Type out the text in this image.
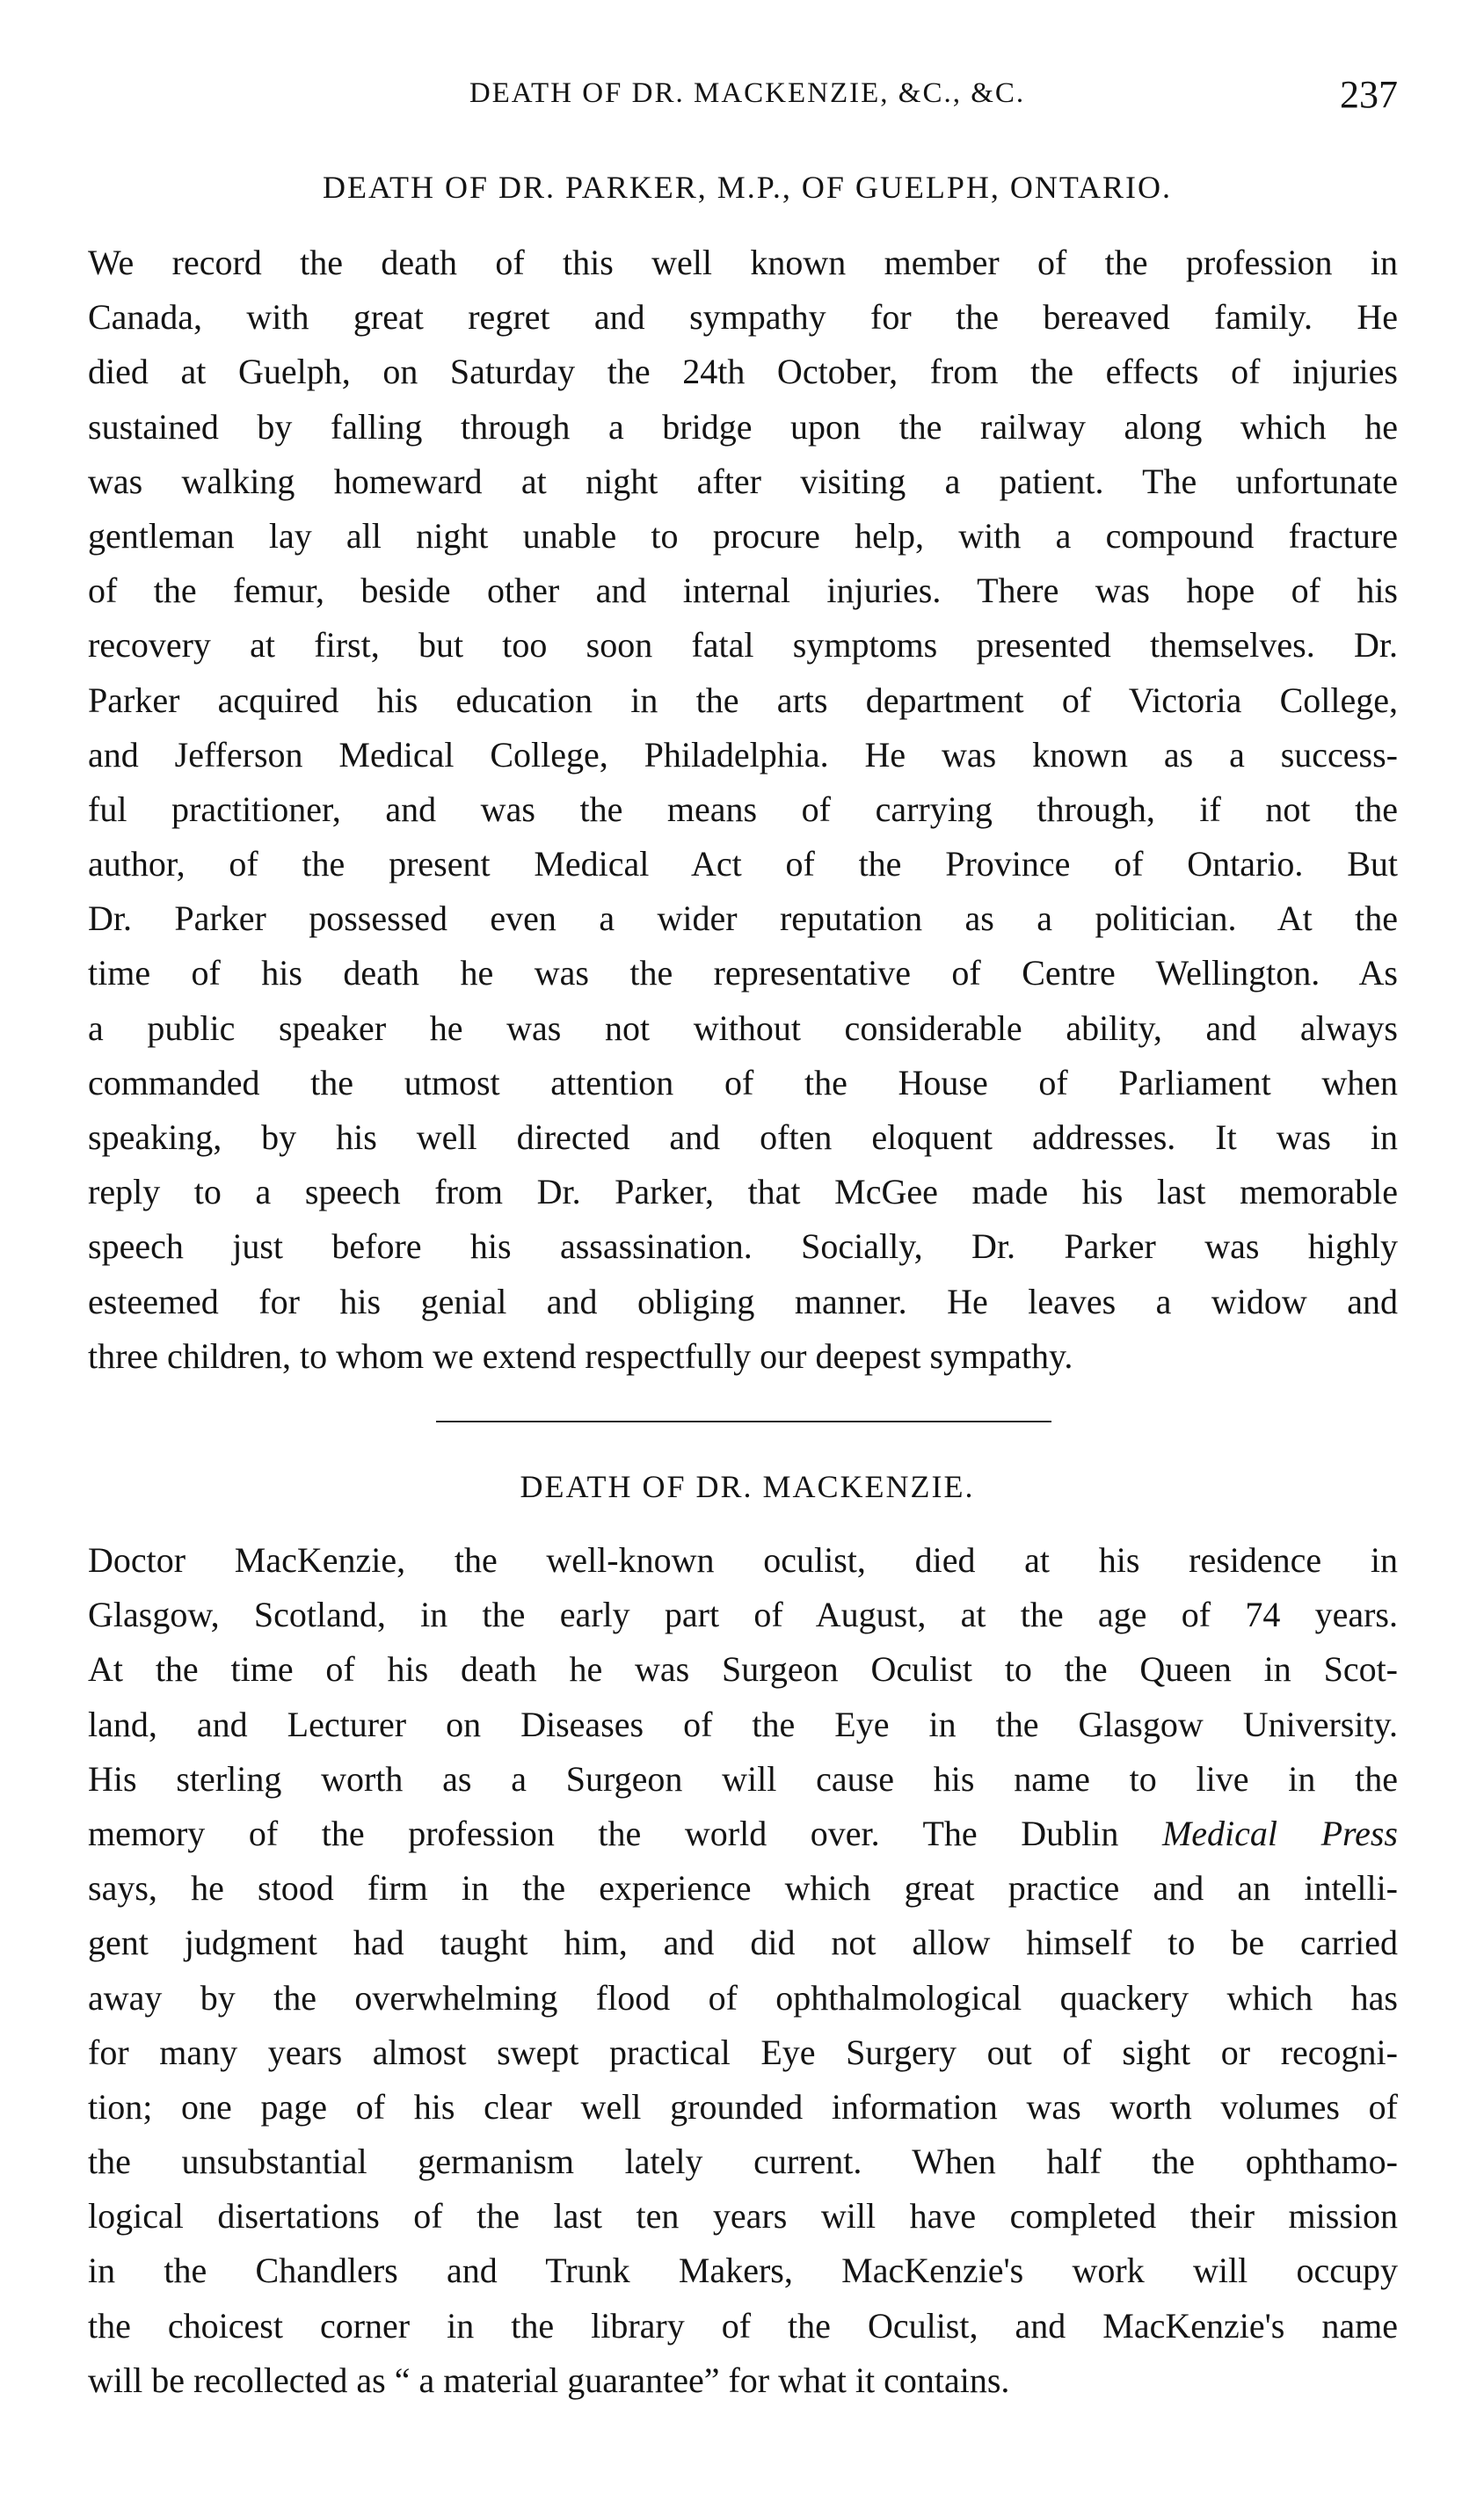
DEATH OF DR. MACKENZIE, &C., &C.	237
DEATH OF DR. PARKER, M.P., OF GUELPH, ONTARIO.
We record the death of this well known member of the profession in
Canada, with great regret and sympathy for the bereaved family. He
died at Guelph, on Saturday the 24th October, from the effects of injuries
sustained by falling through a bridge upon the railway along which he
was walking homeward at night after visiting a patient. The unfortunate
gentleman lay all night unable to procure help, with a compound fracture
of the femur, beside other and internal injuries. There was hope of his
recovery at first, but too soon fatal symptoms presented themselves. Dr.
Parker acquired his education in the arts department of Victoria College,
and Jefferson Medical College, Philadelphia. He was known as a success-
ful practitioner, and was the means of carrying through, if not the
author, of the present Medical Act of the Province of Ontario. But
Dr. Parker possessed even a wider reputation as a politician. At the
time of his death he was the representative of Centre Wellington. As
a public speaker he was not without considerable ability, and always
commanded the utmost attention of the House of Parliament when
speaking, by his well directed and often eloquent addresses. It was in
reply to a speech from Dr. Parker, that McGee made his last memorable
speech just before his assassination. Socially, Dr. Parker was highly
esteemed for his genial and obliging manner. He leaves a widow and
three children, to whom we extend respectfully our deepest sympathy.
DEATH OF DR. MACKENZIE.
Doctor MacKenzie, the well-known oculist, died at his residence in
Glasgow, Scotland, in the early part of August, at the age of 74 years.
At the time of his death he was Surgeon Oculist to the Queen in Scot-
land, and Lecturer on Diseases of the Eye in the Glasgow University.
His sterling worth as a Surgeon will cause his name to live in the
memory of the profession the world over. The Dublin Medical Press
says, he stood firm in the experience which great practice and an intelli-
gent judgment had taught him, and did not allow himself to be carried
away by the overwhelming flood of ophthalmological quackery which has
for many years almost swept practical Eye Surgery out of sight or recogni-
tion; one page of his clear well grounded information was worth volumes of
the unsubstantial germanism lately current. When half the ophthamo-
logical disertations of the last ten years will have completed their mission
in the Chandlers and Trunk Makers, MacKenzie's work will occupy
the choicest corner in the library of the Oculist, and MacKenzie's name
will be recollected as “ a material guarantee” for what it contains.
